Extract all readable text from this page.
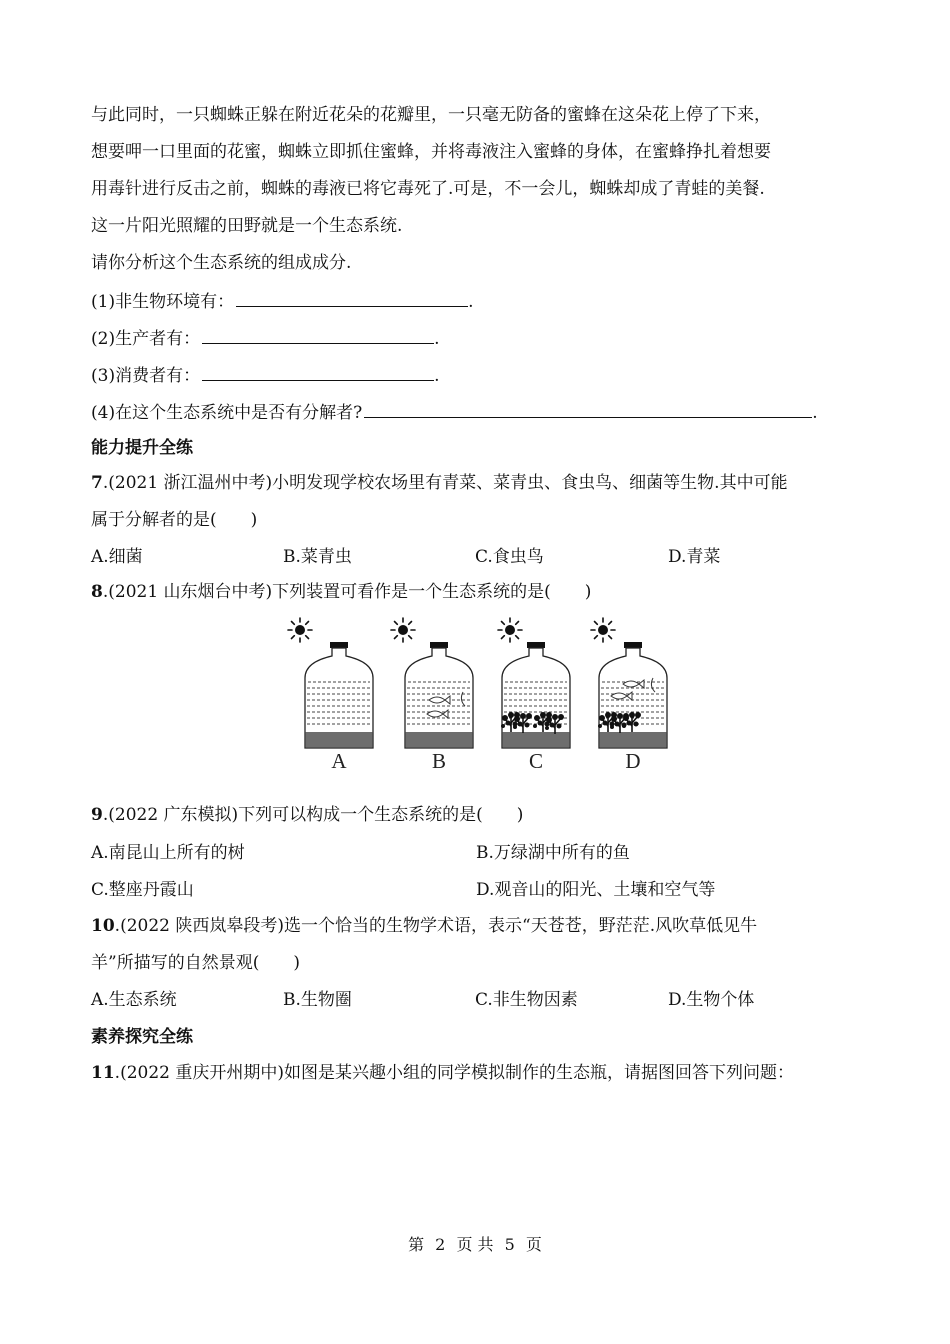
与此同时，一只蜘蛛正躲在附近花朵的花瓣里，一只毫无防备的蜜蜂在这朵花上停了下来，
想要呷一口里面的花蜜，蜘蛛立即抓住蜜蜂，并将毒液注入蜜蜂的身体，在蜜蜂挣扎着想要
用毒针进行反击之前，蜘蛛的毒液已将它毒死了.可是，不一会儿，蜘蛛却成了青蛙的美餐.
这一片阳光照耀的田野就是一个生态系统.
请你分析这个生态系统的组成成分.
(1)非生物环境有：	.
(2)生产者有：	.
(3)消费者有：	.
(4)在这个生态系统中是否有分解者?	.
能力提升全练
7.(2021 浙江温州中考)小明发现学校农场里有青菜、菜青虫、食虫鸟、细菌等生物.其中可能
属于分解者的是(　　)
A.细菌	B.菜青虫	C.食虫鸟	D.青菜
8.(2021 山东烟台中考)下列装置可看作是一个生态系统的是(　　)
A	B	C	D
9.(2022 广东模拟)下列可以构成一个生态系统的是(　　)
A.南昆山上所有的树	B.万绿湖中所有的鱼
C.整座丹霞山	D.观音山的阳光、土壤和空气等
10.(2022 陕西岚皋段考)选一个恰当的生物学术语，表示“天苍苍，野茫茫.风吹草低见牛
羊”所描写的自然景观(　　)
A.生态系统	B.生物圈	C.非生物因素	D.生物个体
素养探究全练
11.(2022 重庆开州期中)如图是某兴趣小组的同学模拟制作的生态瓶，请据图回答下列问题：
第 2 页 共 5 页
